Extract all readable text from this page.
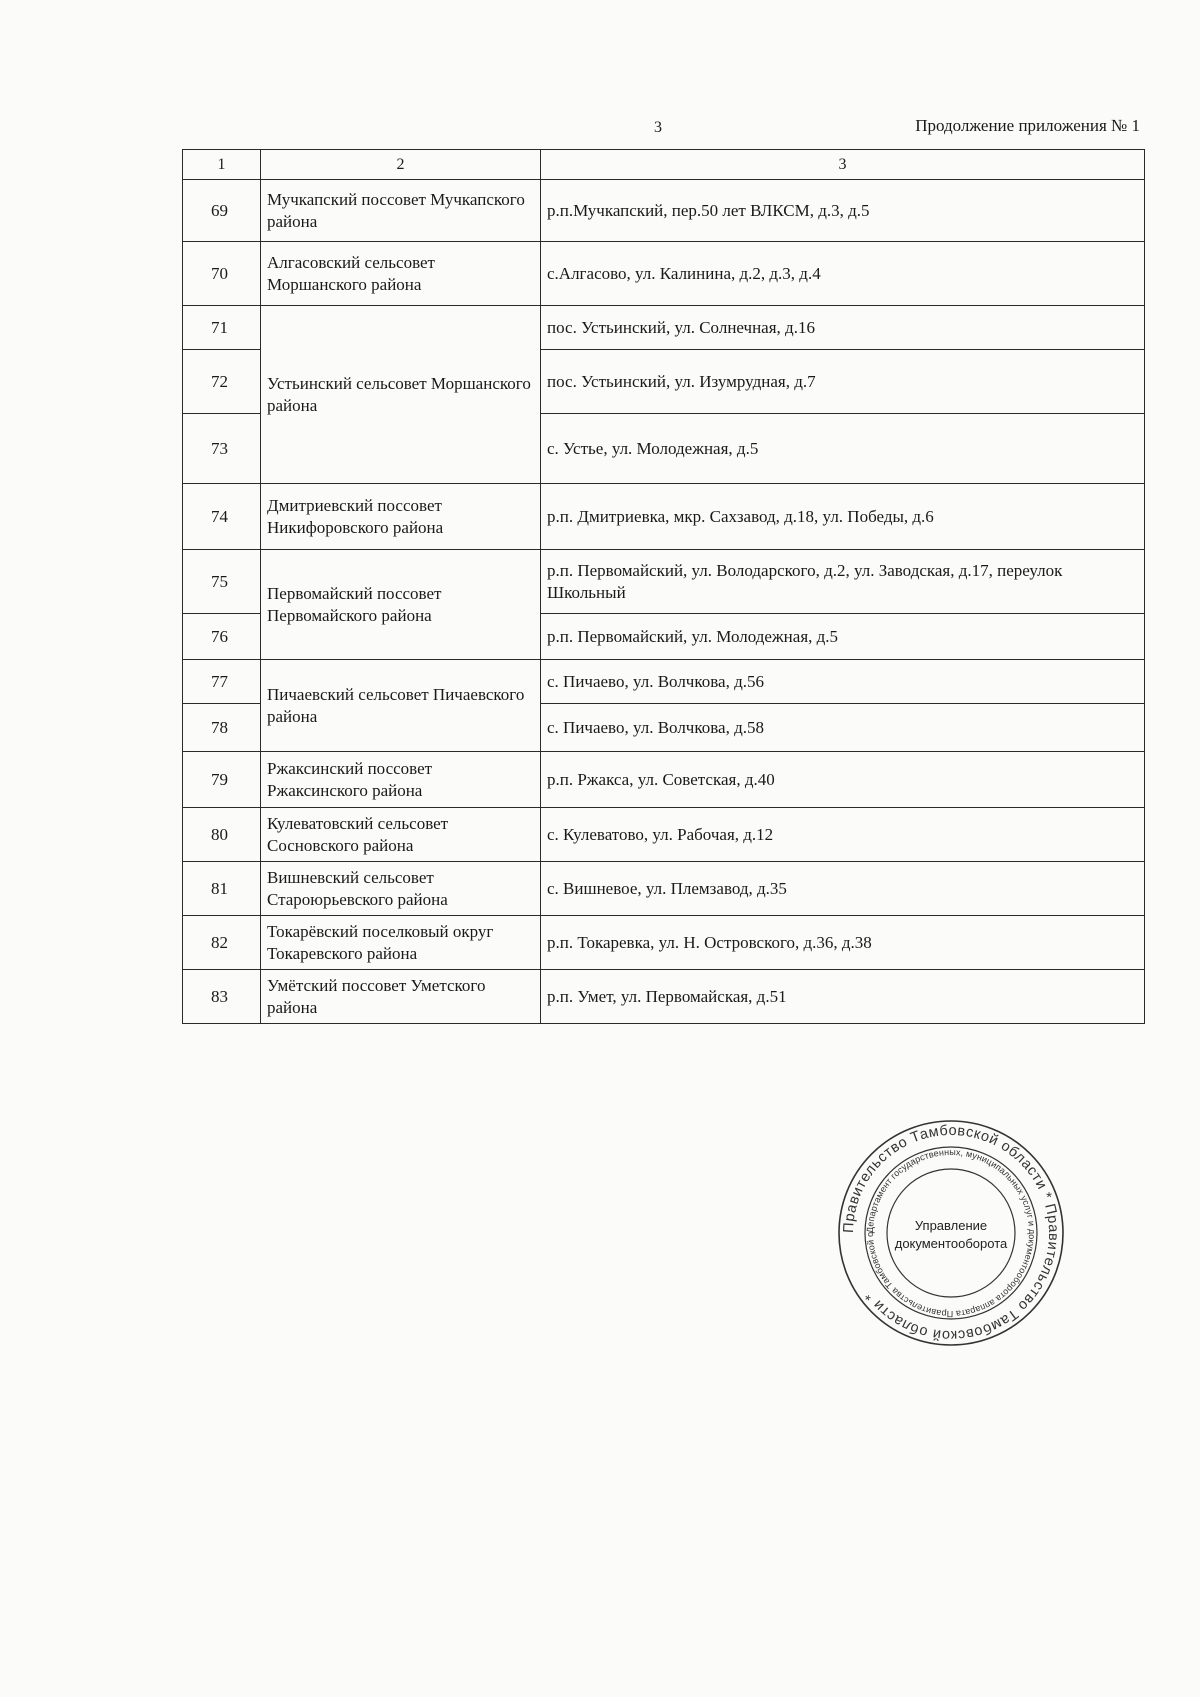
3	Продолжение приложения № 1
1	2	3
69	Мучкапский поссовет Мучкапского района	р.п.Мучкапский, пер.50 лет ВЛКСМ, д.3, д.5
70	Алгасовский сельсовет Моршанского района	с.Алгасово, ул. Калинина, д.2, д.3, д.4
71	Устьинский сельсовет Моршанского района	пос. Устьинский, ул. Солнечная, д.16
72		пос. Устьинский, ул. Изумрудная, д.7
73		с. Устье, ул. Молодежная, д.5
74	Дмитриевский поссовет Никифоровского района	р.п. Дмитриевка, мкр. Сахзавод, д.18, ул. Победы, д.6
75	Первомайский поссовет Первомайского района	р.п. Первомайский, ул. Володарского, д.2, ул. Заводская, д.17, переулок Школьный
76		р.п. Первомайский, ул. Молодежная, д.5
77	Пичаевский сельсовет Пичаевского района	с. Пичаево, ул. Волчкова, д.56
78		с. Пичаево, ул. Волчкова, д.58
79	Ржаксинский поссовет Ржаксинского района	р.п. Ржакса, ул. Советская, д.40
80	Кулеватовский сельсовет Сосновского района	с. Кулеватово, ул. Рабочая, д.12
81	Вишневский сельсовет Староюрьевского района	с. Вишневое, ул. Племзавод, д.35
82	Токарёвский поселковый округ Токаревского района	р.п. Токаревка, ул. Н. Островского, д.36, д.38
83	Умётский поссовет Уметского района	р.п. Умет, ул. Первомайская, д.51
Правительство Тамбовской области * Правительство Тамбовской области *
Департамент государственных, муниципальных услуг и документооборота аппарата Правительства Тамбовской о
Управление
документооборота
